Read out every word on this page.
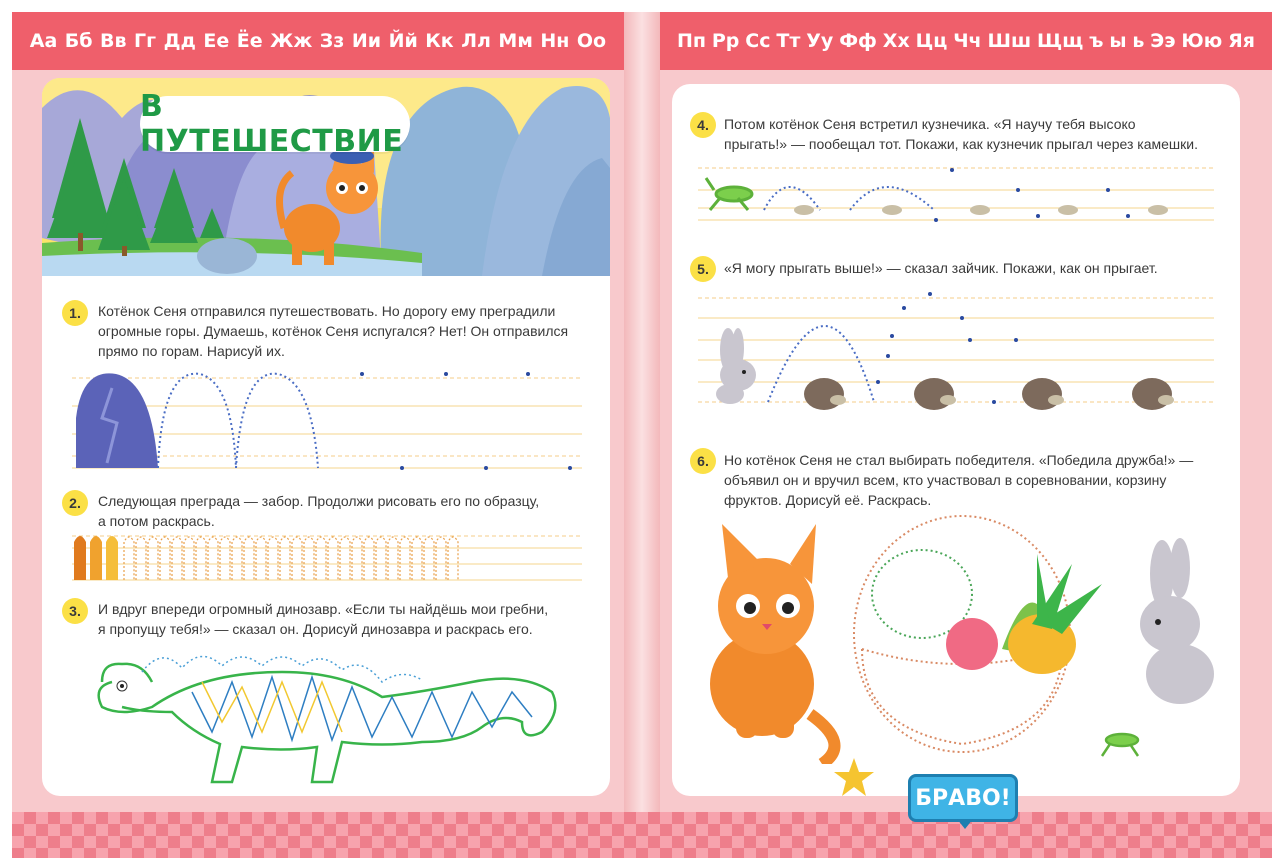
Аа Бб Вв Гг Дд Ее Ёе Жж Зз Ии Йй Кк Лл Мм Нн Оо	Пп Рр Сс Тт Уу Фф Хх Цц Чч Шш Щщ ъ ы ь Ээ Юю Яя
В ПУТЕШЕСТВИЕ
1.	Котёнок Сеня отправился путешествовать. Но дорогу ему преградили
огромные горы. Думаешь, котёнок Сеня испугался? Нет! Он отправился
прямо по горам. Нарисуй их.
2.	Следующая преграда — забор. Продолжи рисовать его по образцу,
а потом раскрась.
3.	И вдруг впереди огромный динозавр. «Если ты найдёшь мои гребни,
я пропущу тебя!» — сказал он. Дорисуй динозавра и раскрась его.
4.	Потом котёнок Сеня встретил кузнечика. «Я научу тебя высоко
прыгать!» — пообещал тот. Покажи, как кузнечик прыгал через камешки.
5.	«Я могу прыгать выше!» — сказал зайчик. Покажи, как он прыгает.
6.	Но котёнок Сеня не стал выбирать победителя. «Победила дружба!» —
объявил он и вручил всем, кто участвовал в соревновании, корзину
фруктов. Дорисуй её. Раскрась.
БРАВО!
